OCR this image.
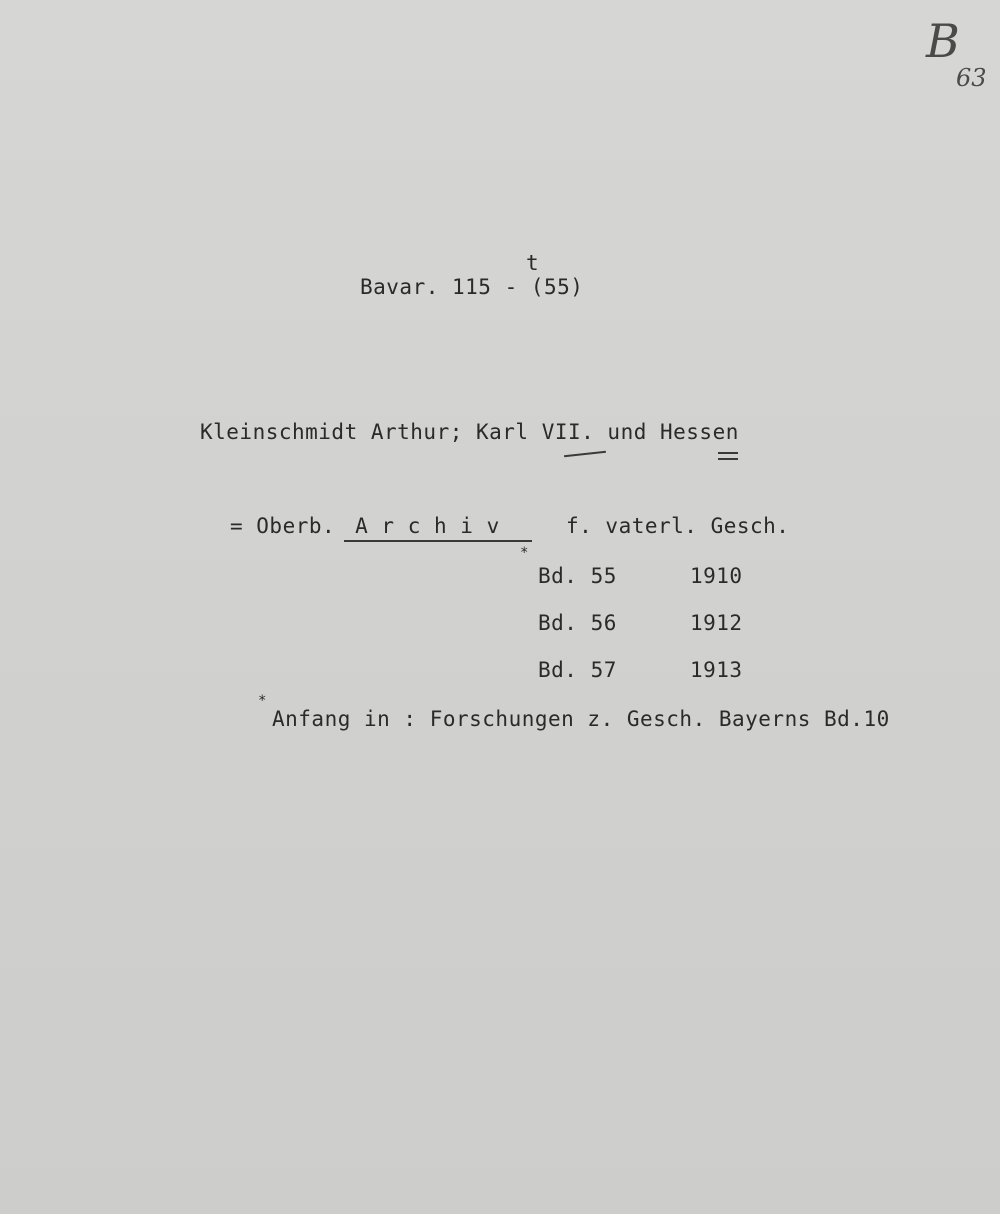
B
63
t
Bavar. 115 - (55)
Kleinschmidt Arthur; Karl VII. und Hessen
= Oberb. A r c h i v	f. vaterl. Gesch.
*
Bd. 55	1910
Bd. 56	1912
Bd. 57	1913
*
Anfang in : Forschungen z. Gesch. Bayerns Bd.10
